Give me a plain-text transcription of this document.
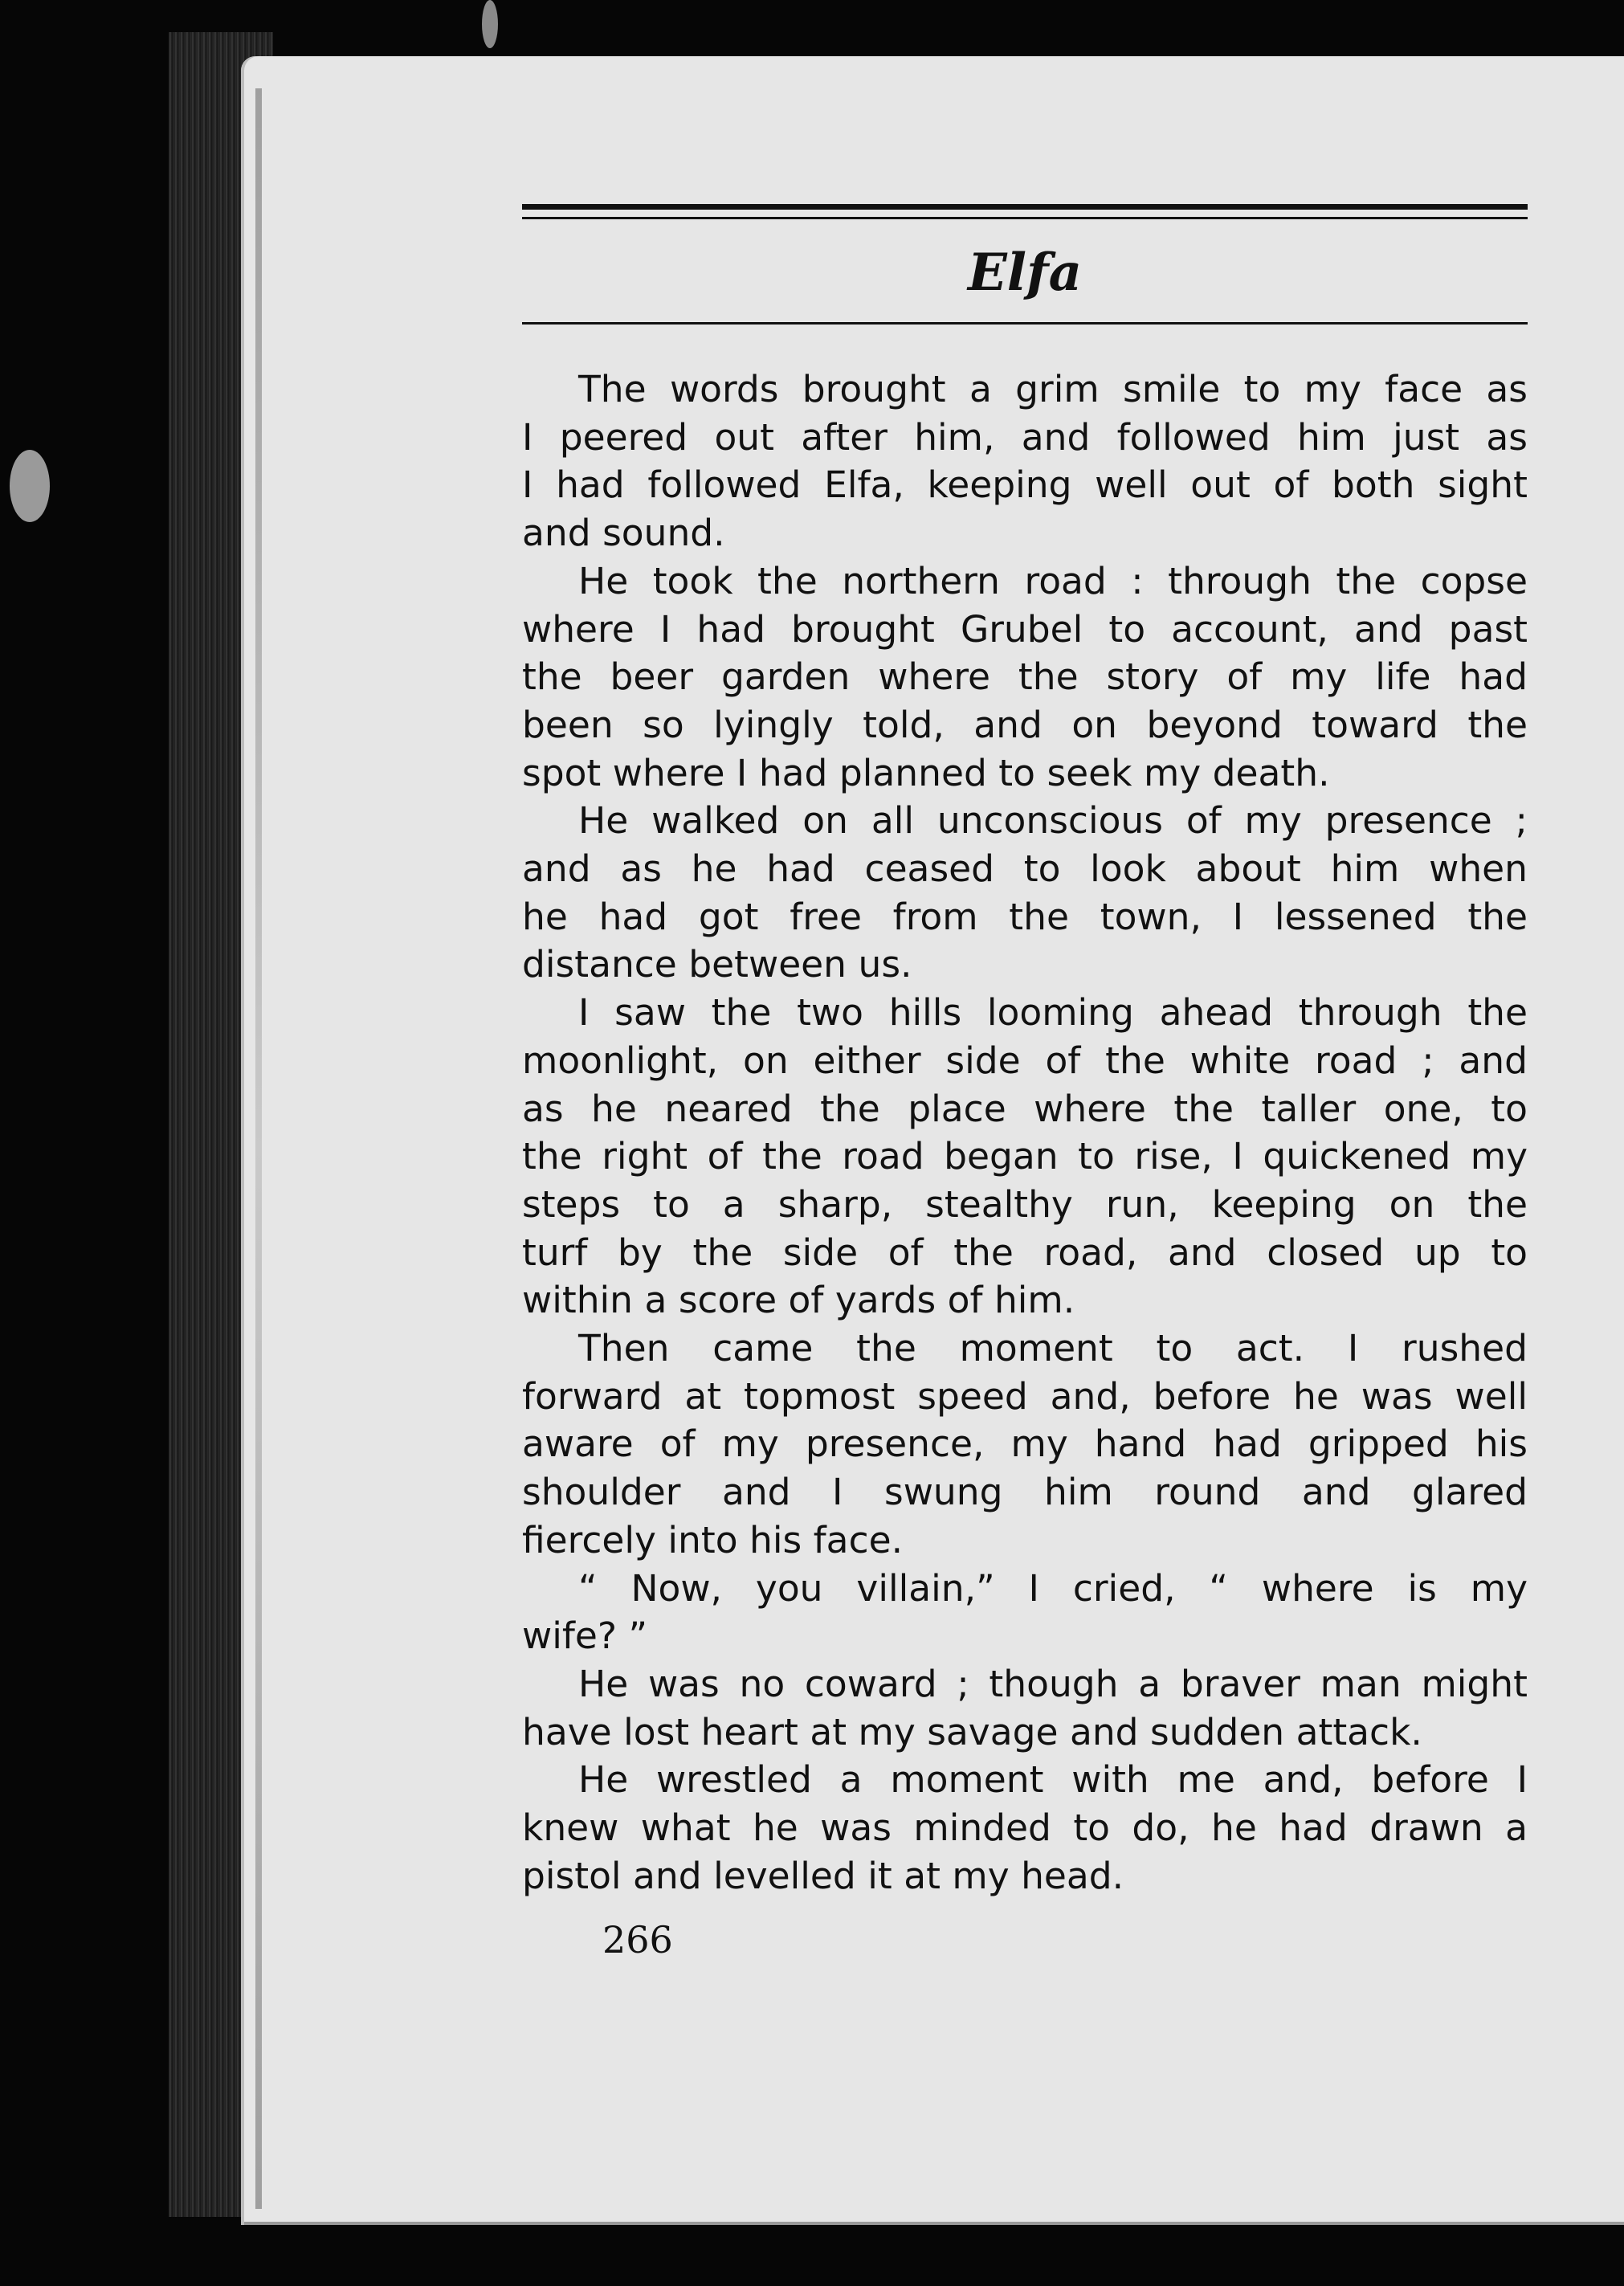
Elfa
The words brought a grim smile to my face as
I peered out after him, and followed him just as
I had followed Elfa, keeping well out of both sight
and sound.
He took the northern road : through the copse
where I had brought Grubel to account, and past
the beer garden where the story of my life had
been so lyingly told, and on beyond toward the
spot where I had planned to seek my death.
He walked on all unconscious of my presence ;
and as he had ceased to look about him when
he had got free from the town, I lessened the
distance between us.
I saw the two hills looming ahead through the
moonlight, on either side of the white road ; and
as he neared the place where the taller one, to
the right of the road began to rise, I quickened my
steps to a sharp, stealthy run, keeping on the
turf by the side of the road, and closed up to
within a score of yards of him.
Then came the moment to act. I rushed
forward at topmost speed and, before he was well
aware of my presence, my hand had gripped his
shoulder and I swung him round and glared
fiercely into his face.
“ Now, you villain,” I cried, “ where is my
wife? ”
He was no coward ; though a braver man might
have lost heart at my savage and sudden attack.
He wrestled a moment with me and, before I
knew what he was minded to do, he had drawn a
pistol and levelled it at my head.
266
